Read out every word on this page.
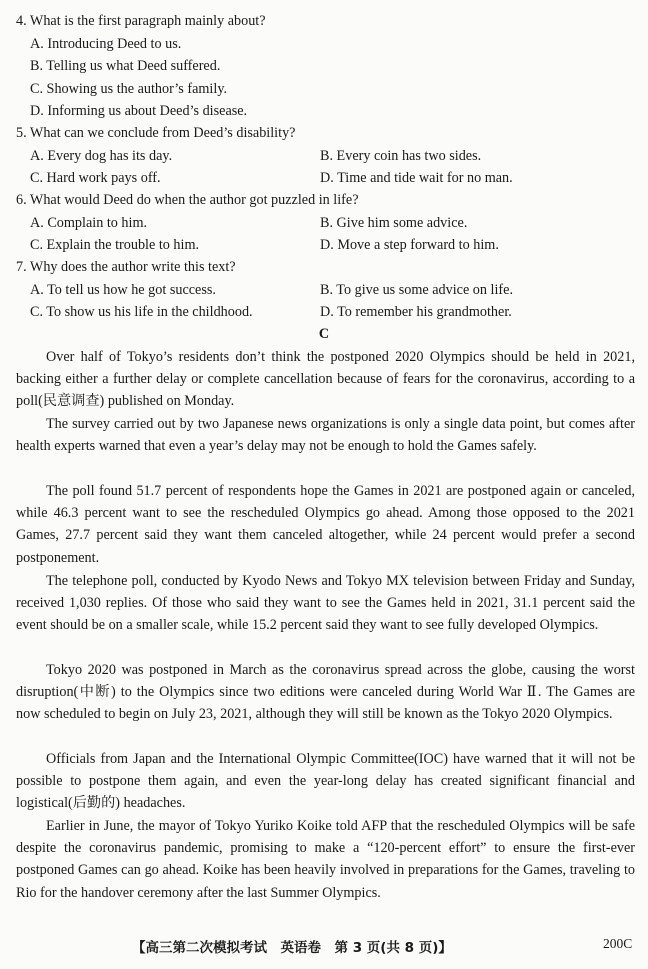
4. What is the first paragraph mainly about?
A. Introducing Deed to us.
B. Telling us what Deed suffered.
C. Showing us the author’s family.
D. Informing us about Deed’s disease.
5. What can we conclude from Deed’s disability?
A. Every dog has its day.	B. Every coin has two sides.
C. Hard work pays off.	D. Time and tide wait for no man.
6. What would Deed do when the author got puzzled in life?
A. Complain to him.	B. Give him some advice.
C. Explain the trouble to him.	D. Move a step forward to him.
7. Why does the author write this text?
A. To tell us how he got success.	B. To give us some advice on life.
C. To show us his life in the childhood.	D. To remember his grandmother.
C

Over half of Tokyo’s residents don’t think the postponed 2020 Olympics should be held in 2021, backing either a further delay or complete cancellation because of fears for the coronavirus, according to a poll(民意调查) published on Monday.

The survey carried out by two Japanese news organizations is only a single data point, but comes after health experts warned that even a year’s delay may not be enough to hold the Games safely.

The poll found 51.7 percent of respondents hope the Games in 2021 are postponed again or canceled, while 46.3 percent want to see the rescheduled Olympics go ahead. Among those opposed to the 2021 Games, 27.7 percent said they want them canceled altogether, while 24 percent would prefer a second postponement.

The telephone poll, conducted by Kyodo News and Tokyo MX television between Friday and Sunday, received 1,030 replies. Of those who said they want to see the Games held in 2021, 31.1 percent said the event should be on a smaller scale, while 15.2 percent said they want to see fully developed Olympics.

Tokyo 2020 was postponed in March as the coronavirus spread across the globe, causing the worst disruption(中断) to the Olympics since two editions were canceled during World War Ⅱ. The Games are now scheduled to begin on July 23, 2021, although they will still be known as the Tokyo 2020 Olympics.

Officials from Japan and the International Olympic Committee(IOC) have warned that it will not be possible to postpone them again, and even the year-long delay has created significant financial and logistical(后勤的) headaches.

Earlier in June, the mayor of Tokyo Yuriko Koike told AFP that the rescheduled Olympics will be safe despite the coronavirus pandemic, promising to make a “120-percent effort” to ensure the first-ever postponed Games can go ahead. Koike has been heavily involved in preparations for the Games, traveling to Rio for the handover ceremony after the last Summer Olympics.

【高三第二次模拟考试　英语卷　第 3 页(共 8 页)】	200C
